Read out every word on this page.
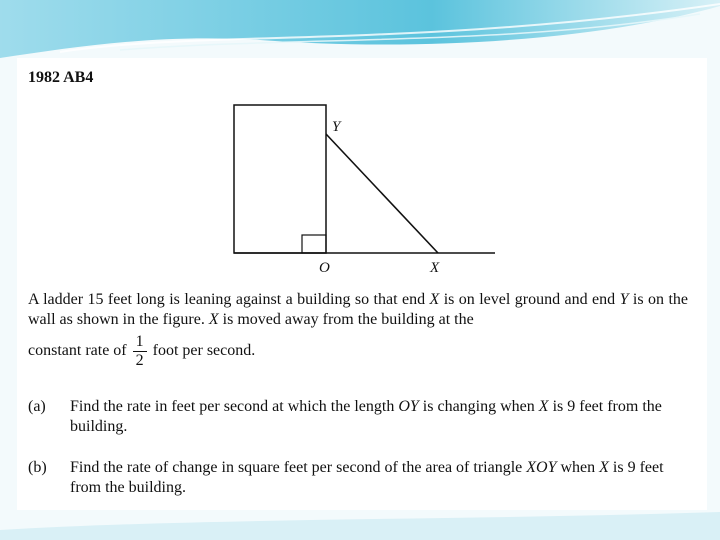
1982 AB4
Y
O	X
A ladder 15 feet long is leaning against a building so that end X is on level ground and end Y is on the wall as shown in the figure. X is moved away from the building at the
constant rate of $\frac{1}{2}$ foot per second.
(a) Find the rate in feet per second at which the length OY is changing when X is 9 feet from the building.
(b) Find the rate of change in square feet per second of the area of triangle XOY when X is 9 feet from the building.
